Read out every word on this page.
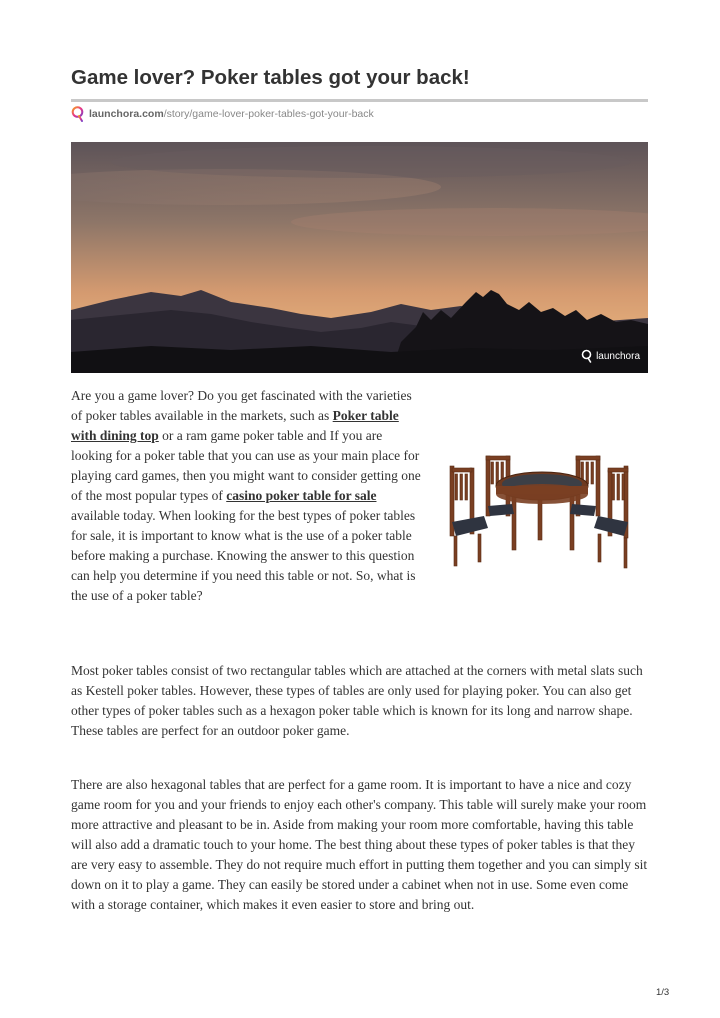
Game lover? Poker tables got your back!
launchora.com /story/game-lover-poker-tables-got-your-back
launchora
Are you a game lover? Do you get fascinated with the varieties of poker tables available in the markets, such as Poker table with dining top or a ram game poker table and If you are looking for a poker table that you can use as your main place for playing card games, then you might want to consider getting one of the most popular types of casino poker table for sale available today. When looking for the best types of poker tables for sale, it is important to know what is the use of a poker table before making a purchase. Knowing the answer to this question can help you determine if you need this table or not. So, what is the use of a poker table?
Most poker tables consist of two rectangular tables which are attached at the corners with metal slats such as Kestell poker tables. However, these types of tables are only used for playing poker. You can also get other types of poker tables such as a hexagon poker table which is known for its long and narrow shape. These tables are perfect for an outdoor poker game.
There are also hexagonal tables that are perfect for a game room. It is important to have a nice and cozy game room for you and your friends to enjoy each other's company. This table will surely make your room more attractive and pleasant to be in. Aside from making your room more comfortable, having this table will also add a dramatic touch to your home. The best thing about these types of poker tables is that they are very easy to assemble. They do not require much effort in putting them together and you can simply sit down on it to play a game. They can easily be stored under a cabinet when not in use. Some even come with a storage container, which makes it even easier to store and bring out.
1/3
